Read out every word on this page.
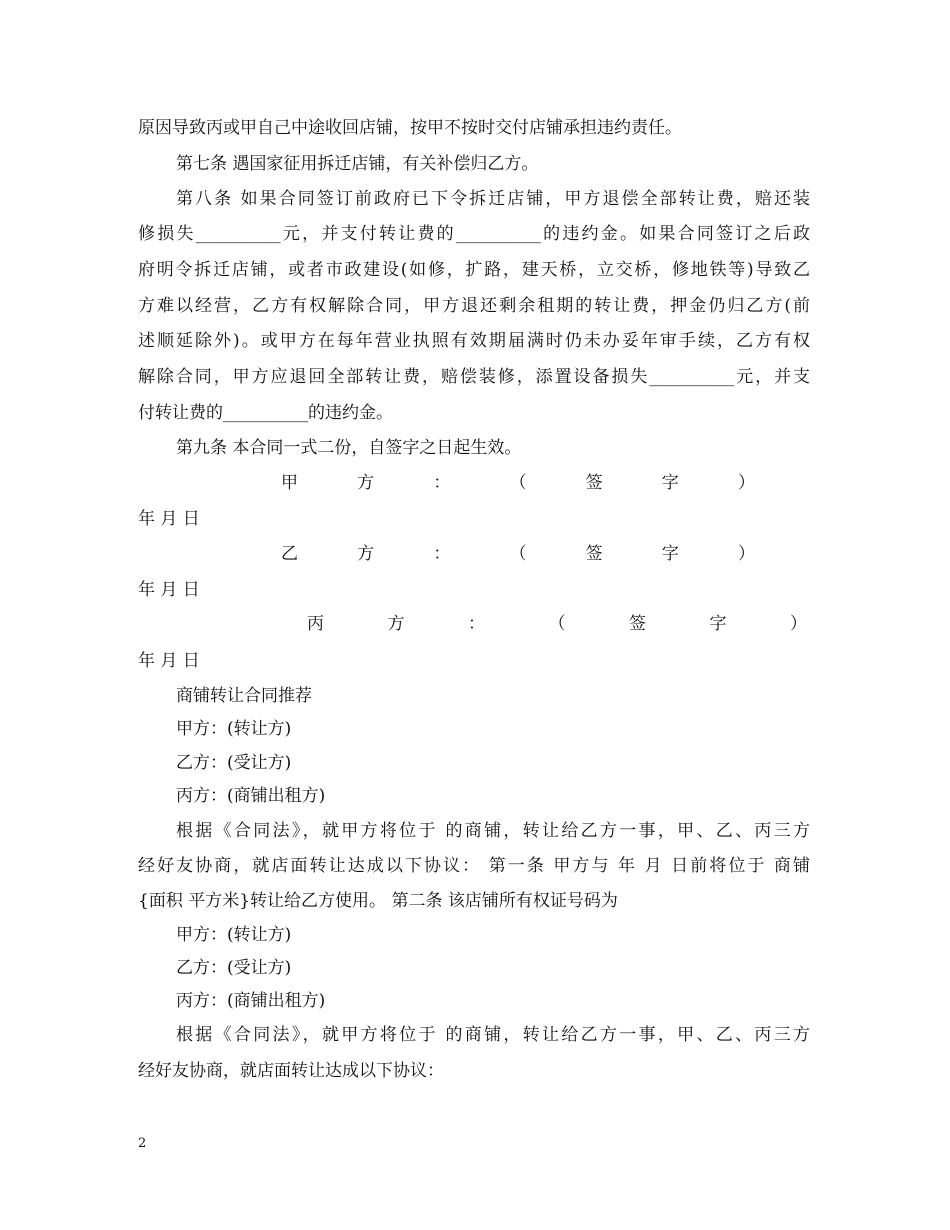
原因导致丙或甲自己中途收回店铺，按甲不按时交付店铺承担违约责任。
第七条 遇国家征用拆迁店铺，有关补偿归乙方。
第八条 如果合同签订前政府已下令拆迁店铺，甲方退偿全部转让费，赔还装
修损失__________元，并支付转让费的__________的违约金。如果合同签订之后政
府明令拆迁店铺，或者市政建设(如修，扩路，建天桥，立交桥，修地铁等)导致乙
方难以经营，乙方有权解除合同，甲方退还剩余租期的转让费，押金仍归乙方(前
述顺延除外)。或甲方在每年营业执照有效期届满时仍未办妥年审手续，乙方有权
解除合同，甲方应退回全部转让费，赔偿装修，添置设备损失__________元，并支
付转让费的__________的违约金。
第九条 本合同一式二份，自签字之日起生效。
甲	方	：	（	签	字	）
年 月 日
乙	方	：	（	签	字	）
年 月 日
丙	方	：	（	签	字	）
年 月 日
商铺转让合同推荐
甲方：(转让方)
乙方：(受让方)
丙方：(商铺出租方)
根据《合同法》，就甲方将位于 的商铺，转让给乙方一事，甲、乙、丙三方
经好友协商，就店面转让达成以下协议： 第一条 甲方与 年 月 日前将位于 商铺
{面积 平方米}转让给乙方使用。 第二条 该店铺所有权证号码为
甲方：(转让方)
乙方：(受让方)
丙方：(商铺出租方)
根据《合同法》，就甲方将位于 的商铺，转让给乙方一事，甲、乙、丙三方
经好友协商，就店面转让达成以下协议：
2
